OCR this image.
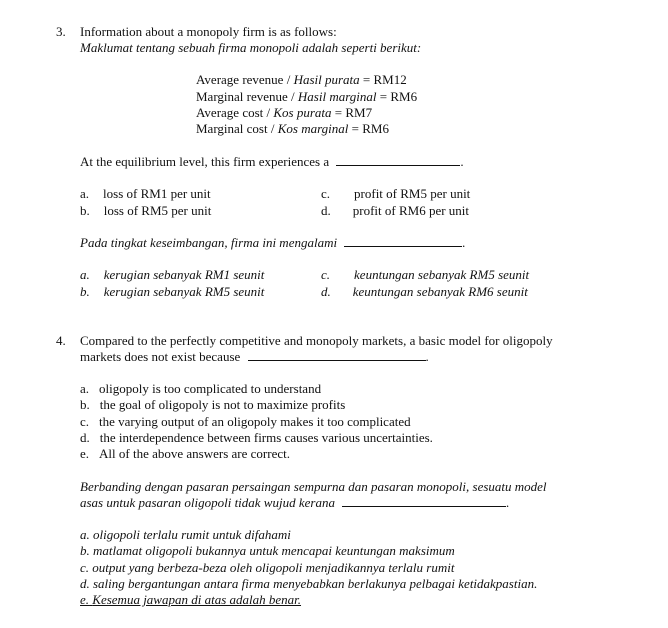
3. Information about a monopoly firm is as follows:
Maklumat tentang sebuah firma monopoli adalah seperti berikut:
Average revenue / Hasil purata = RM12
Marginal revenue / Hasil marginal = RM6
Average cost / Kos purata = RM7
Marginal cost / Kos marginal = RM6
At the equilibrium level, this firm experiences a	.
a. loss of RM1 per unit
b. loss of RM5 per unit
c. profit of RM5 per unit
d. profit of RM6 per unit
Pada tingkat keseimbangan, firma ini mengalami	.
a. kerugian sebanyak RM1 seunit
b. kerugian sebanyak RM5 seunit
c. keuntungan sebanyak RM5 seunit
d. keuntungan sebanyak RM6 seunit
4. Compared to the perfectly competitive and monopoly markets, a basic model for oligopoly
markets does not exist because	.
a. oligopoly is too complicated to understand
b. the goal of oligopoly is not to maximize profits
c. the varying output of an oligopoly makes it too complicated
d. the interdependence between firms causes various uncertainties.
e. All of the above answers are correct.
Berbanding dengan pasaran persaingan sempurna dan pasaran monopoli, sesuatu model
asas untuk pasaran oligopoli tidak wujud kerana	.
a. oligopoli terlalu rumit untuk difahami
b. matlamat oligopoli bukannya untuk mencapai keuntungan maksimum
c. output yang berbeza-beza oleh oligopoli menjadikannya terlalu rumit
d. saling bergantungan antara firma menyebabkan berlakunya pelbagai ketidakpastian.
e. Kesemua jawapan di atas adalah benar.
